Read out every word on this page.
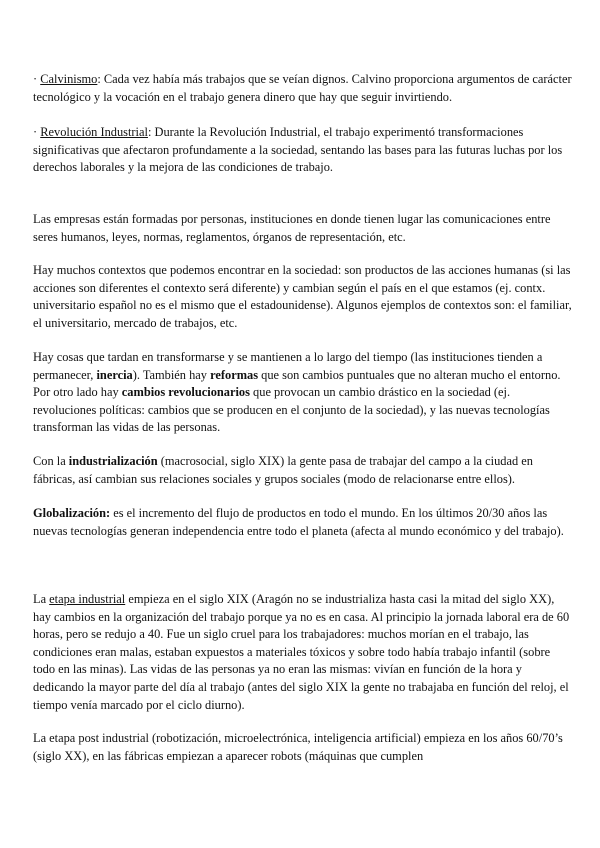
· Calvinismo: Cada vez había más trabajos que se veían dignos. Calvino proporciona argumentos de carácter tecnológico y la vocación en el trabajo genera dinero que hay que seguir invirtiendo.

· Revolución Industrial: Durante la Revolución Industrial, el trabajo experimentó transformaciones significativas que afectaron profundamente a la sociedad, sentando las bases para las futuras luchas por los derechos laborales y la mejora de las condiciones de trabajo.

Las empresas están formadas por personas, instituciones en donde tienen lugar las comunicaciones entre seres humanos, leyes, normas, reglamentos, órganos de representación, etc.

Hay muchos contextos que podemos encontrar en la sociedad: son productos de las acciones humanas (si las acciones son diferentes el contexto será diferente) y cambian según el país en el que estamos (ej. contx. universitario español no es el mismo que el estadounidense). Algunos ejemplos de contextos son: el familiar, el universitario, mercado de trabajos, etc.

Hay cosas que tardan en transformarse y se mantienen a lo largo del tiempo (las instituciones tienden a permanecer, inercia). También hay reformas que son cambios puntuales que no alteran mucho el entorno. Por otro lado hay cambios revolucionarios que provocan un cambio drástico en la sociedad (ej. revoluciones políticas: cambios que se producen en el conjunto de la sociedad), y las nuevas tecnologías transforman las vidas de las personas.

Con la industrialización (macrosocial, siglo XIX) la gente pasa de trabajar del campo a la ciudad en fábricas, así cambian sus relaciones sociales y grupos sociales (modo de relacionarse entre ellos).

Globalización: es el incremento del flujo de productos en todo el mundo. En los últimos 20/30 años las nuevas tecnologías generan independencia entre todo el planeta (afecta al mundo económico y del trabajo).

La etapa industrial empieza en el siglo XIX (Aragón no se industrializa hasta casi la mitad del siglo XX), hay cambios en la organización del trabajo porque ya no es en casa. Al principio la jornada laboral era de 60 horas, pero se redujo a 40. Fue un siglo cruel para los trabajadores: muchos morían en el trabajo, las condiciones eran malas, estaban expuestos a materiales tóxicos y sobre todo había trabajo infantil (sobre todo en las minas). Las vidas de las personas ya no eran las mismas: vivían en función de la hora y dedicando la mayor parte del día al trabajo (antes del siglo XIX la gente no trabajaba en función del reloj, el tiempo venía marcado por el ciclo diurno).

La etapa post industrial (robotización, microelectrónica, inteligencia artificial) empieza en los años 60/70’s (siglo XX), en las fábricas empiezan a aparecer robots (máquinas que cumplen
